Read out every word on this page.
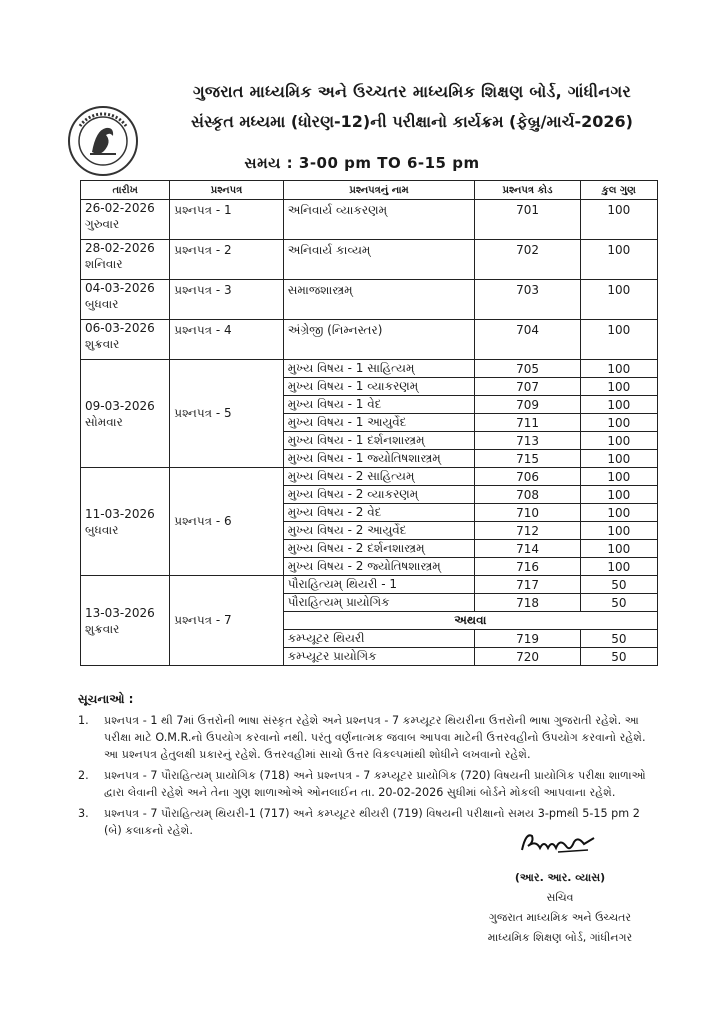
ગુજરાત માધ્યમિક અને ઉચ્ચતર માધ્યમિક શિક્ષણ બોર્ડ, ગાંધીનગર
સંસ્કૃત મધ્યમા (ધોરણ-12)ની પરીક્ષાનો કાર્યક્રમ (ફેબ્રુ/માર્ચ-2026)
સમય : 3-00 pm TO 6-15 pm
તારીખ	પ્રશ્નપત્ર	પ્રશ્નપત્રનું નામ	પ્રશ્નપત્ર કોડ	કુલ ગુણ

26-02-2026
ગુરુવાર	પ્રશ્નપત્ર - 1	અનિવાર્ય વ્યાકરણમ્	701	100

28-02-2026
શનિવાર	પ્રશ્નપત્ર - 2	અનિવાર્ય કાવ્યમ્	702	100

04-03-2026
બુધવાર	પ્રશ્નપત્ર - 3	સમાજશાસ્ત્રમ્	703	100

06-03-2026
શુક્રવાર	પ્રશ્નપત્ર - 4	અંગ્રેજી (નિમ્નસ્તર)	704	100

09-03-2026
સોમવાર	પ્રશ્નપત્ર - 5	મુખ્ય વિષય - 1 સાહિત્યમ્	705	100
		મુખ્ય વિષય - 1 વ્યાકરણમ્	707	100
		મુખ્ય વિષય - 1 વેદ	709	100
		મુખ્ય વિષય - 1 આયુર્વેદ	711	100
		મુખ્ય વિષય - 1 દર્શનશાસ્ત્રમ્	713	100
		મુખ્ય વિષય - 1 જ્યોતિષશાસ્ત્રમ્	715	100

11-03-2026
બુધવાર	પ્રશ્નપત્ર - 6	મુખ્ય વિષય - 2 સાહિત્યમ્	706	100
		મુખ્ય વિષય - 2 વ્યાકરણમ્	708	100
		મુખ્ય વિષય - 2 વેદ	710	100
		મુખ્ય વિષય - 2 આયુર્વેદ	712	100
		મુખ્ય વિષય - 2 દર્શનશાસ્ત્રમ્	714	100
		મુખ્ય વિષય - 2 જ્યોતિષશાસ્ત્રમ્	716	100

13-03-2026
શુક્રવાર	પ્રશ્નપત્ર - 7	પૌરાહિત્યમ્ થિયરી - 1	717	50
		પૌરાહિત્યમ્ પ્રાયોગિક	718	50
		અથવા		
		કમ્પ્યૂટર થિયરી	719	50
		કમ્પ્યૂટર પ્રાયોગિક	720	50
સૂચનાઓ :
1.	પ્રશ્નપત્ર - 1 થી 7માં ઉત્તરોની ભાષા સંસ્કૃત રહેશે અને પ્રશ્નપત્ર - 7 કમ્પ્યૂટર થિયરીના ઉત્તરોની ભાષા ગુજરાતી રહેશે. આ પરીક્ષા માટે O.M.R.નો ઉપયોગ કરવાનો નથી. પરંતુ વર્ણનાત્મક જવાબ આપવા માટેની ઉત્તરવહીનો ઉપયોગ કરવાનો રહેશે. આ પ્રશ્નપત્ર હેતુલક્ષી પ્રકારનું રહેશે. ઉત્તરવહીમાં સાચો ઉત્તર વિકલ્પમાંથી શોધીને લખવાનો રહેશે.
2.	પ્રશ્નપત્ર - 7 પૌરાહિત્યમ્ પ્રાયોગિક (718) અને પ્રશ્નપત્ર - 7 કમ્પ્યૂટર પ્રાયોગિક (720) વિષયની પ્રાયોગિક પરીક્ષા શાળાઓ દ્વારા લેવાની રહેશે અને તેના ગુણ શાળાઓએ ઓનલાઈન તા. 20-02-2026 સુધીમાં બોર્ડને મોકલી આપવાના રહેશે.
3.	પ્રશ્નપત્ર - 7 પૌરાહિત્યમ્ થિયરી-1 (717) અને કમ્પ્યૂટર થીયરી (719) વિષયની પરીક્ષાનો સમય 3-pmથી 5-15 pm 2 (બે) કલાકનો રહેશે.
(આર. આર. વ્યાસ)
સચિવ
ગુજરાત માધ્યમિક અને ઉચ્ચતર
માધ્યમિક શિક્ષણ બોર્ડ, ગાંધીનગર
